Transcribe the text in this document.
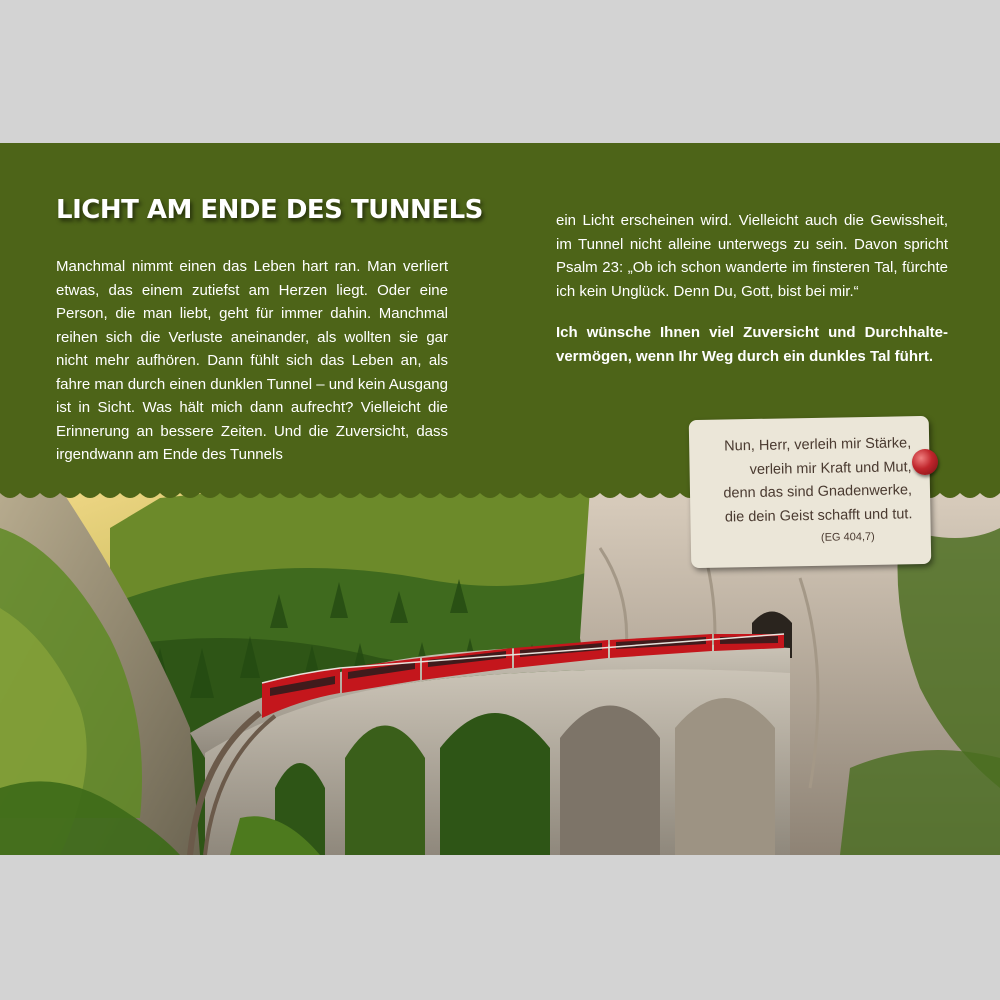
LICHT AM ENDE DES TUNNELS

Manchmal nimmt einen das Leben hart ran. Man verliert etwas, das einem zutiefst am Herzen liegt. Oder eine Person, die man liebt, geht für immer dahin. Manchmal reihen sich die Verluste aneinander, als wollten sie gar nicht mehr aufhören. Dann fühlt sich das Leben an, als fahre man durch einen dunklen Tunnel – und kein Ausgang ist in Sicht. Was hält mich dann aufrecht? Vielleicht die Erinnerung an bessere Zeiten. Und die Zuversicht, dass irgendwann am Ende des Tunnels

ein Licht erscheinen wird. Vielleicht auch die Gewissheit, im Tunnel nicht alleine unterwegs zu sein. Davon spricht Psalm 23: „Ob ich schon wanderte im finsteren Tal, fürchte ich kein Unglück. Denn Du, Gott, bist bei mir.“

Ich wünsche Ihnen viel Zuversicht und Durchhaltevermögen, wenn Ihr Weg durch ein dunkles Tal führt.

Nun, Herr, verleih mir Stärke,
verleih mir Kraft und Mut,
denn das sind Gnadenwerke,
die dein Geist schafft und tut.
(EG 404,7)
